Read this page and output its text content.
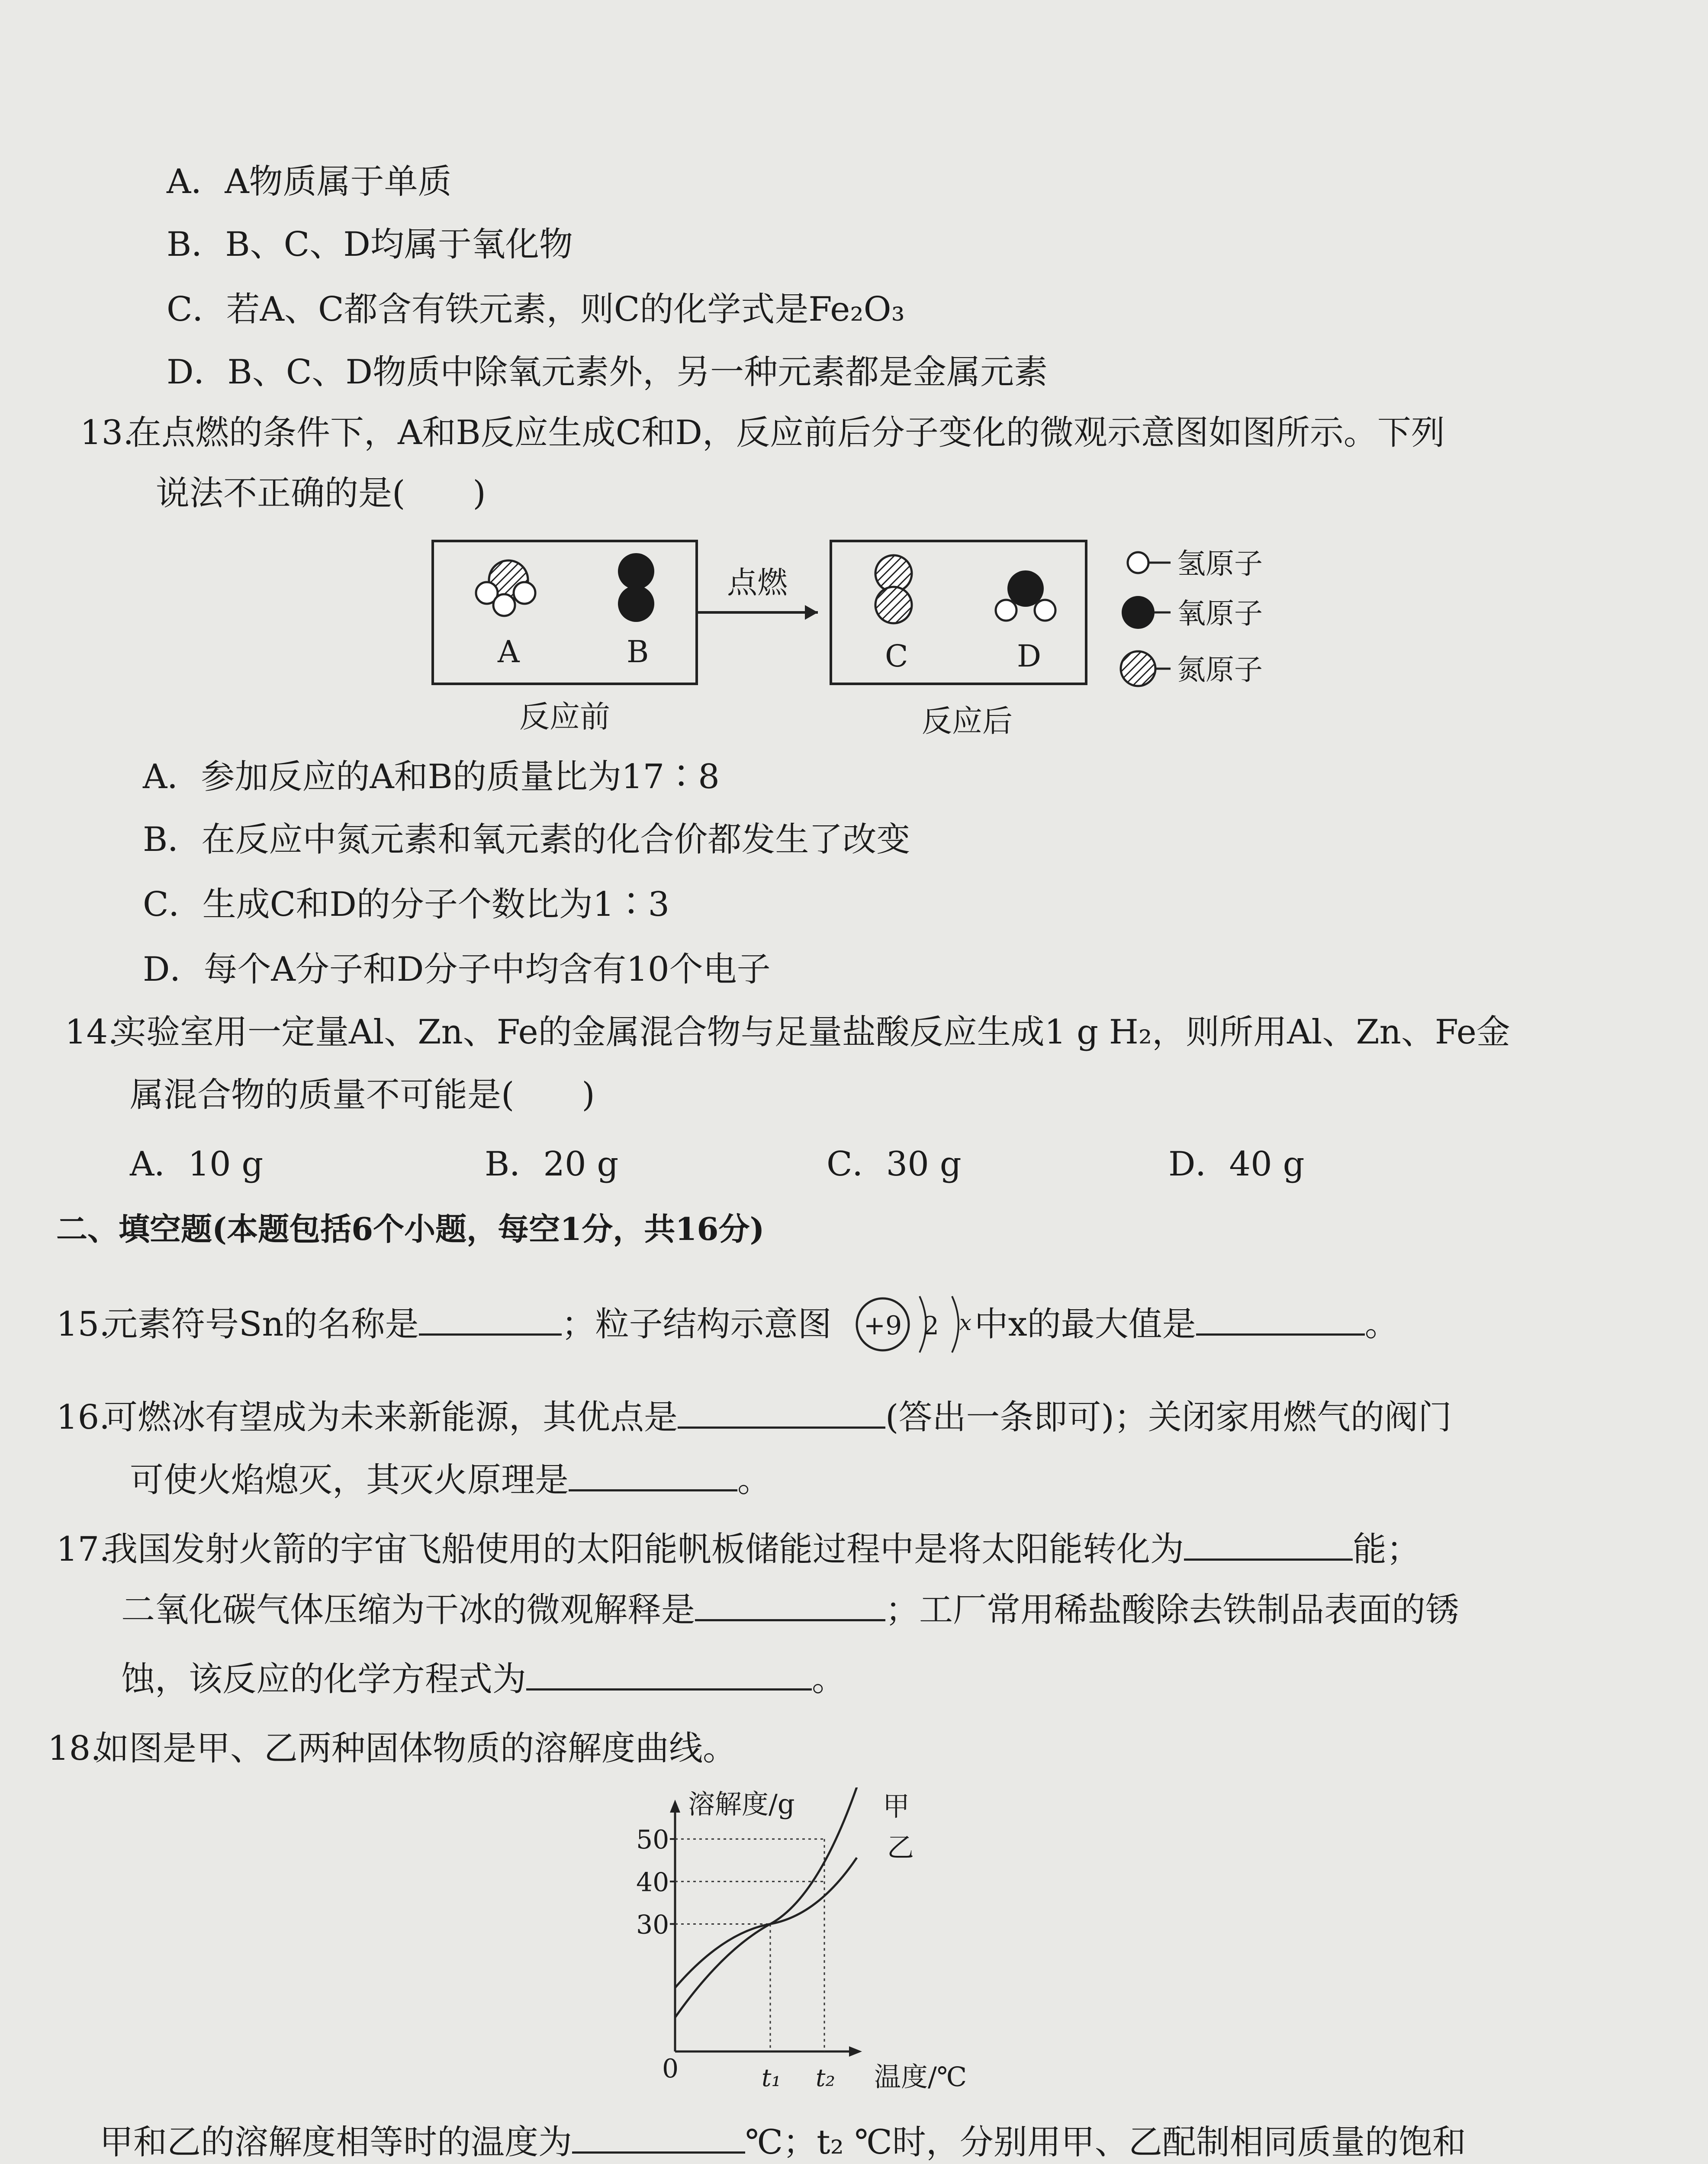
A．A物质属于单质
B．B、C、D均属于氧化物
C．若A、C都含有铁元素，则C的化学式是Fe₂O₃
D．B、C、D物质中除氧元素外，另一种元素都是金属元素
13.在点燃的条件下，A和B反应生成C和D，反应前后分子变化的微观示意图如图所示。下列
说法不正确的是(　　)
A	B
反应前
点燃
C	D
反应后
氢原子
氧原子
氮原子
A．参加反应的A和B的质量比为17∶8
B．在反应中氮元素和氧元素的化合价都发生了改变
C．生成C和D的分子个数比为1∶3
D．每个A分子和D分子中均含有10个电子
14.实验室用一定量Al、Zn、Fe的金属混合物与足量盐酸反应生成1 g H₂，则所用Al、Zn、Fe金
属混合物的质量不可能是(　　)
A．10 g	B．20 g	C．30 g	D．40 g
二、填空题(本题包括6个小题，每空1分，共16分)
15.元素符号Sn的名称是	；粒子结构示意图	中x的最大值是	。
+9 2 x
16.可燃冰有望成为未来新能源，其优点是	(答出一条即可)；关闭家用燃气的阀门
可使火焰熄灭，其灭火原理是	。
17.我国发射火箭的宇宙飞船使用的太阳能帆板储能过程中是将太阳能转化为	能；
二氧化碳气体压缩为干冰的微观解释是	；工厂常用稀盐酸除去铁制品表面的锈
蚀，该反应的化学方程式为	。
18.如图是甲、乙两种固体物质的溶解度曲线。
溶解度/g
温度/℃
0
30
40
50
t₁ t₂
甲
乙
甲和乙的溶解度相等时的温度为	℃；t₂ ℃时，分别用甲、乙配制相同质量的饱和
